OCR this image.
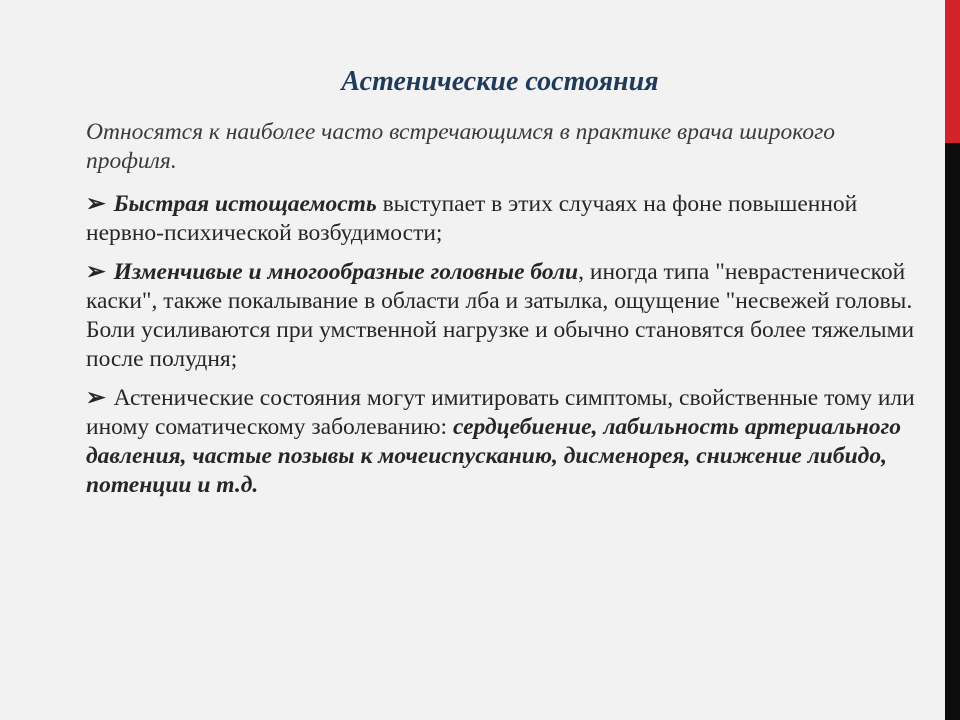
Астенические состояния

Относятся к наиболее часто встречающимся в практике врача широкого профиля.

➢ Быстрая истощаемость выступает в этих случаях на фоне повышенной нервно-психической возбудимости;

➢ Изменчивые и многообразные головные боли, иногда типа "неврастенической каски", также покалывание в области лба и затылка, ощущение "несвежей головы. Боли усиливаются при умственной нагрузке и обычно становятся более тяжелыми после полудня;

➢ Астенические состояния могут имитировать симптомы, свойственные тому или иному соматическому заболеванию: сердцебиение, лабильность артериального давления, частые позывы к мочеиспусканию, дисменорея, снижение либидо, потенции и т.д.
